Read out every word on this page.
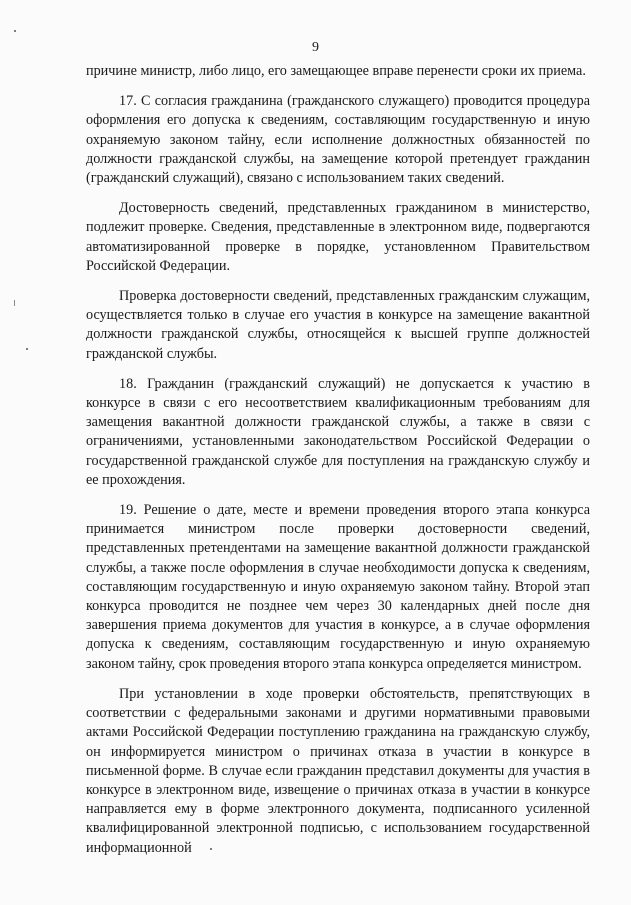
9

причине министр, либо лицо, его замещающее вправе перенести сроки их приема.

17. С согласия гражданина (гражданского служащего) проводится процедура оформления его допуска к сведениям, составляющим государственную и иную охраняемую законом тайну, если исполнение должностных обязанностей по должности гражданской службы, на замещение которой претендует гражданин (гражданский служащий), связано с использованием таких сведений.

Достоверность сведений, представленных гражданином в министерство, подлежит проверке. Сведения, представленные в электронном виде, подвергаются автоматизированной проверке в порядке, установленном Правительством Российской Федерации.

Проверка достоверности сведений, представленных гражданским служащим, осуществляется только в случае его участия в конкурсе на замещение вакантной должности гражданской службы, относящейся к высшей группе должностей гражданской службы.

18. Гражданин (гражданский служащий) не допускается к участию в конкурсе в связи с его несоответствием квалификационным требованиям для замещения вакантной должности гражданской службы, а также в связи с ограничениями, установленными законодательством Российской Федерации о государственной гражданской службе для поступления на гражданскую службу и ее прохождения.

19. Решение о дате, месте и времени проведения второго этапа конкурса принимается министром после проверки достоверности сведений, представленных претендентами на замещение вакантной должности гражданской службы, а также после оформления в случае необходимости допуска к сведениям, составляющим государственную и иную охраняемую законом тайну. Второй этап конкурса проводится не позднее чем через 30 календарных дней после дня завершения приема документов для участия в конкурсе, а в случае оформления допуска к сведениям, составляющим государственную и иную охраняемую законом тайну, срок проведения второго этапа конкурса определяется министром.

При установлении в ходе проверки обстоятельств, препятствующих в соответствии с федеральными законами и другими нормативными правовыми актами Российской Федерации поступлению гражданина на гражданскую службу, он информируется министром о причинах отказа в участии в конкурсе в письменной форме. В случае если гражданин представил документы для участия в конкурсе в электронном виде, извещение о причинах отказа в участии в конкурсе направляется ему в форме электронного документа, подписанного усиленной квалифицированной электронной подписью, с использованием государственной информационной
